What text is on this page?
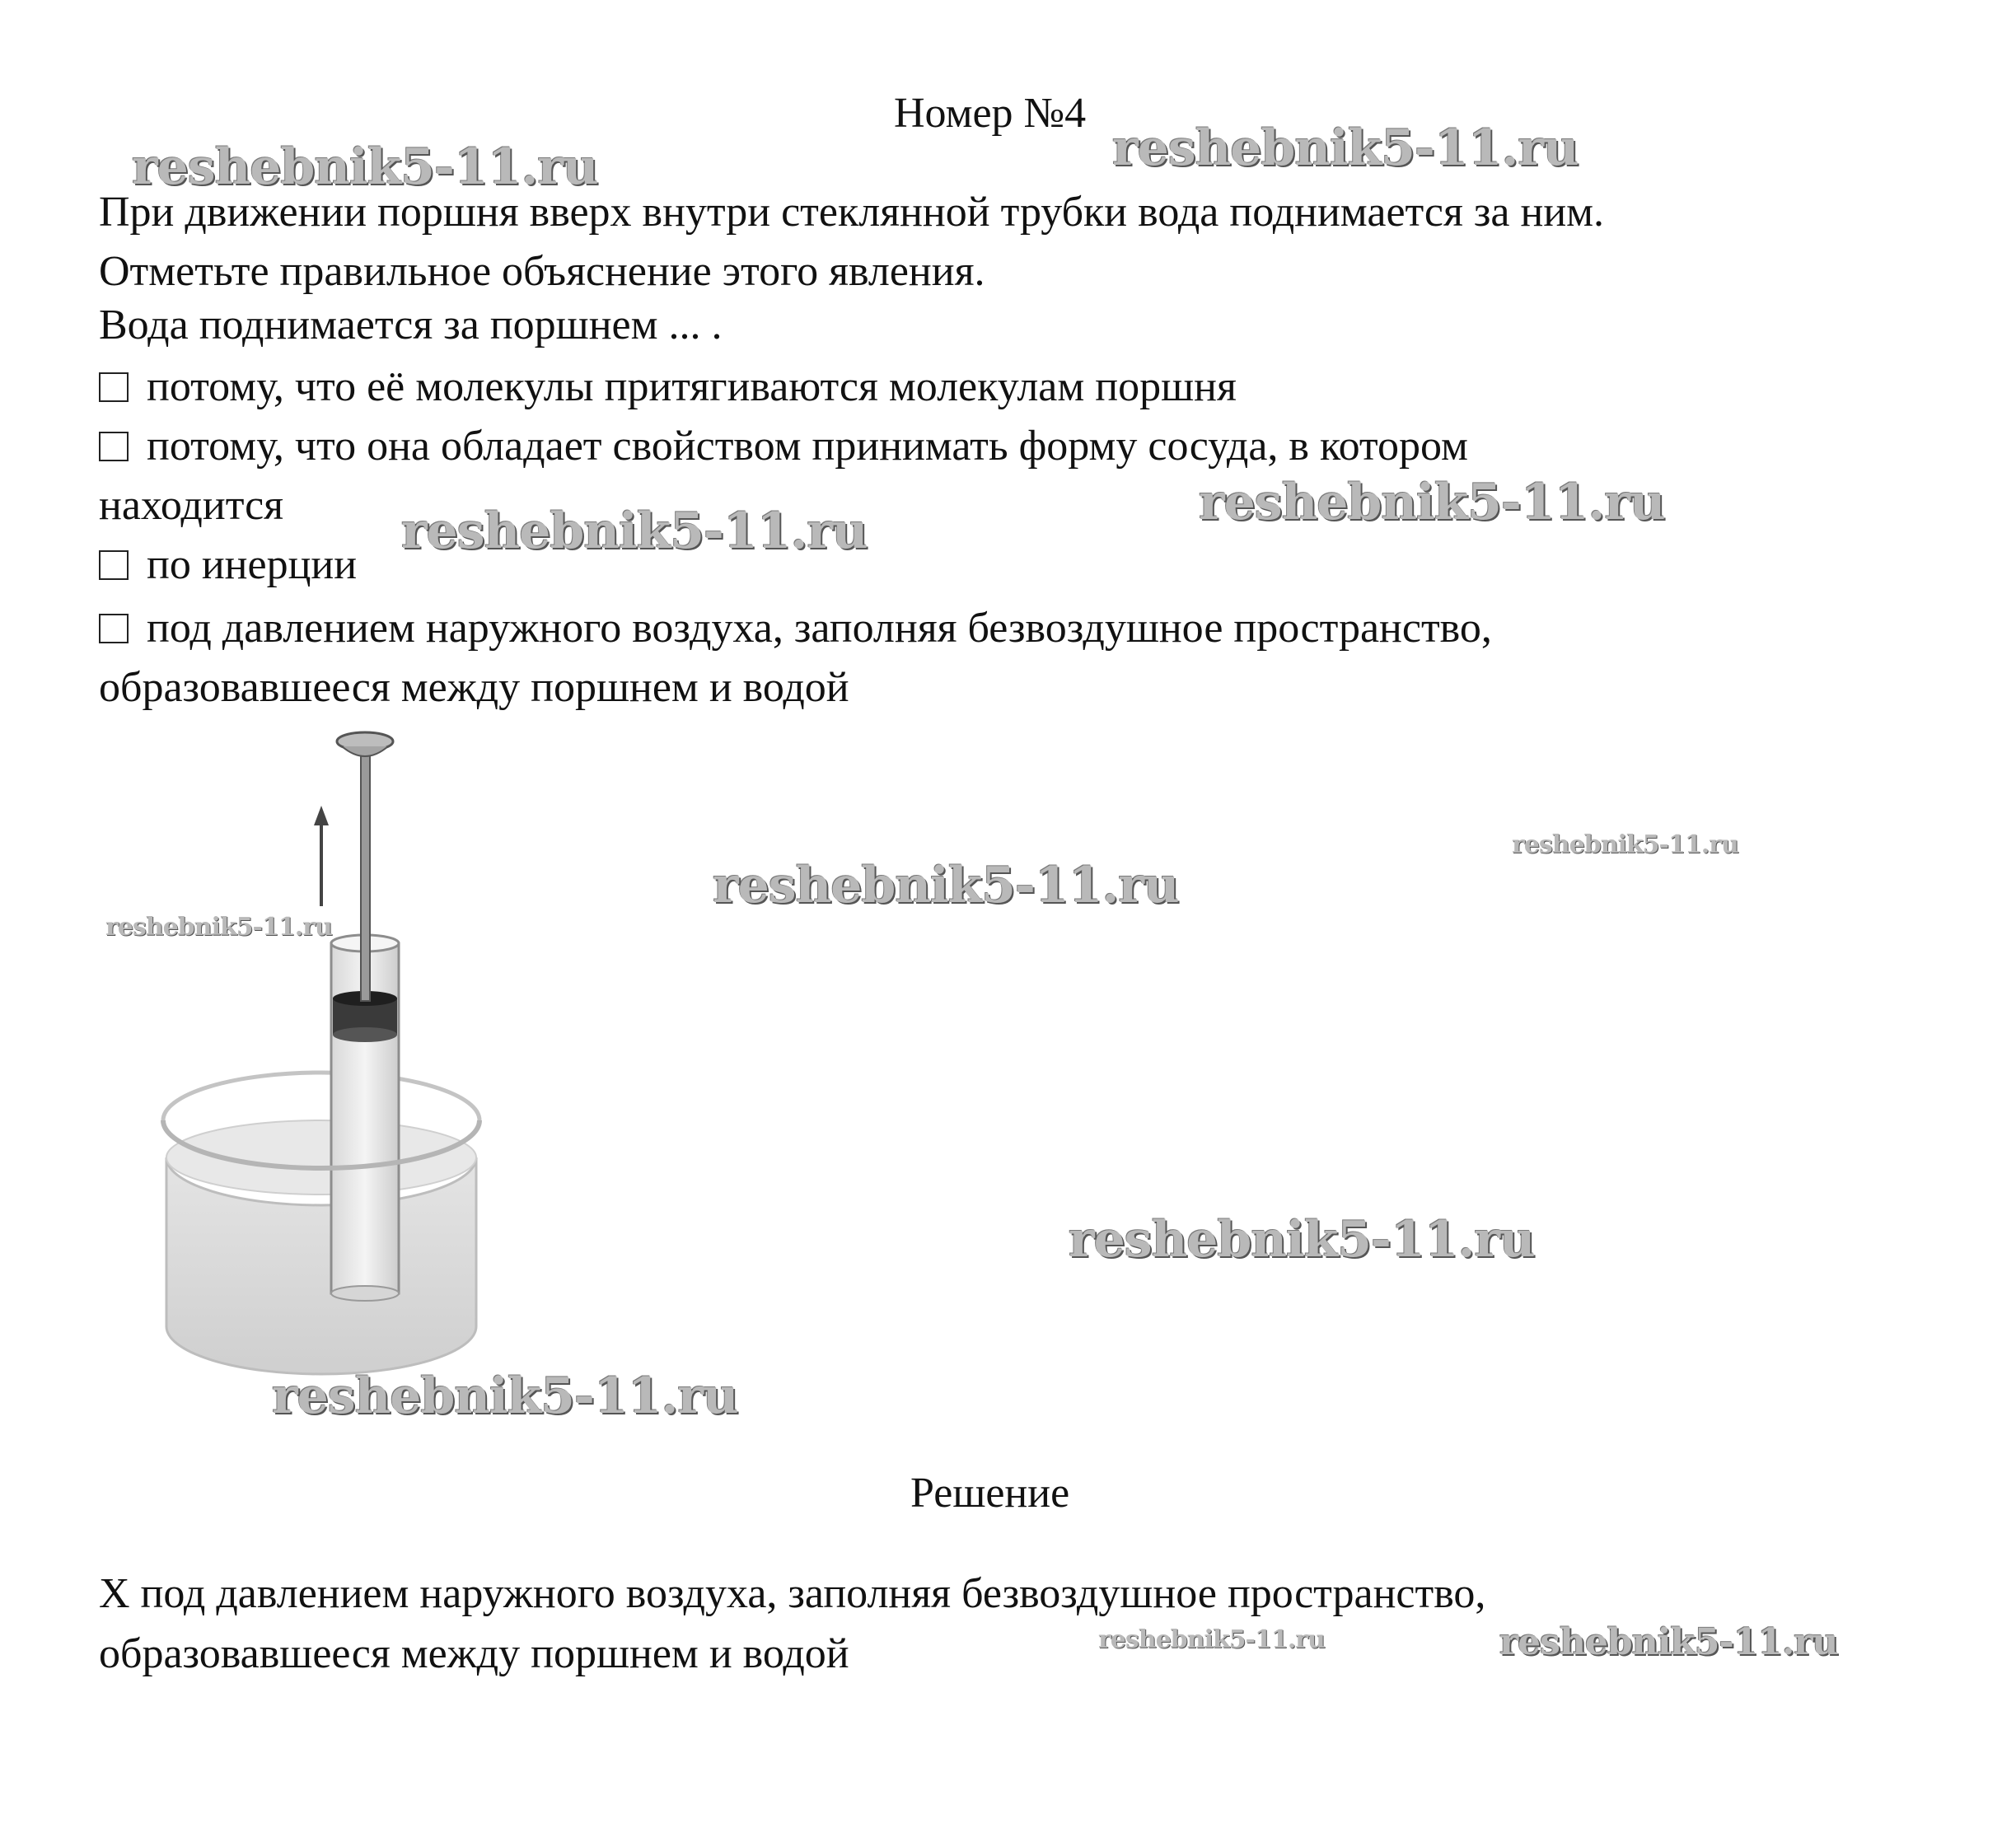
Номер №4
При движении поршня вверх внутри стеклянной трубки вода поднимается за ним.
Отметьте правильное объяснение этого явления.
Вода поднимается за поршнем ... .
потому, что её молекулы притягиваются молекулам поршня
потому, что она обладает свойством принимать форму сосуда, в котором
находится
по инерции
под давлением наружного воздуха, заполняя безвоздушное пространство,
образовавшееся между поршнем и водой
Решение
Х под давлением наружного воздуха, заполняя безвоздушное пространство,
образовавшееся между поршнем и водой
reshebnik5-11.ru	reshebnik5-11.ru
reshebnik5-11.ru
reshebnik5-11.ru
reshebnik5-11.ru
reshebnik5-11.ru
reshebnik5-11.ru
reshebnik5-11.ru
reshebnik5-11.ru
reshebnik5-11.ru	reshebnik5-11.ru
